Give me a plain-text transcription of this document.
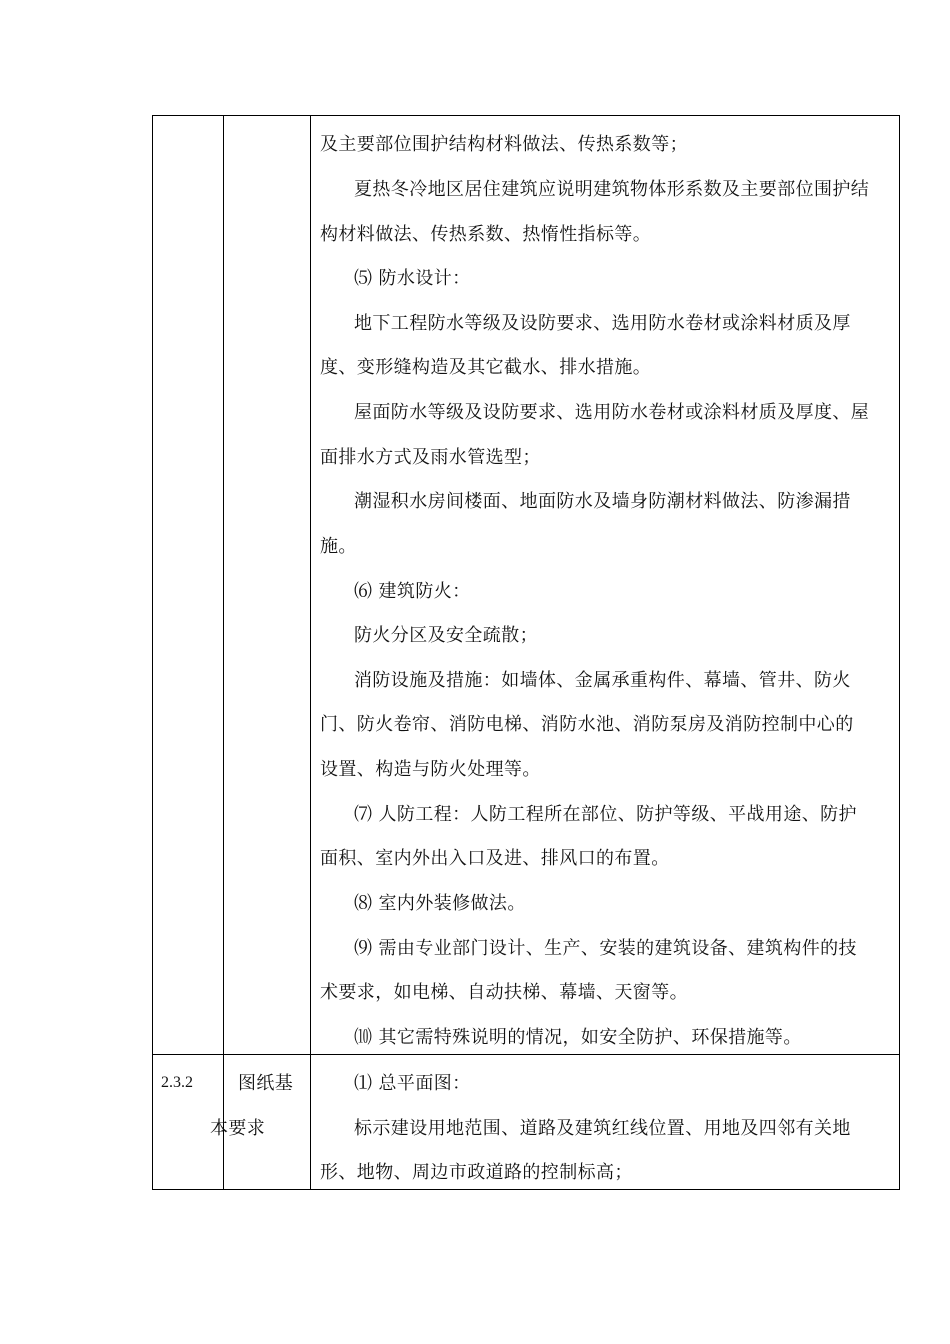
及主要部位围护结构材料做法、传热系数等；
夏热冬冷地区居住建筑应说明建筑物体形系数及主要部位围护结
构材料做法、传热系数、热惰性指标等。
⑸ 防水设计：
地下工程防水等级及设防要求、选用防水卷材或涂料材质及厚
度、变形缝构造及其它截水、排水措施。
屋面防水等级及设防要求、选用防水卷材或涂料材质及厚度、屋
面排水方式及雨水管选型；
潮湿积水房间楼面、地面防水及墙身防潮材料做法、防渗漏措
施。
⑹ 建筑防火：
防火分区及安全疏散；
消防设施及措施：如墙体、金属承重构件、幕墙、管井、防火
门、防火卷帘、消防电梯、消防水池、消防泵房及消防控制中心的
设置、构造与防火处理等。
⑺ 人防工程：人防工程所在部位、防护等级、平战用途、防护
面积、室内外出入口及进、排风口的布置。
⑻ 室内外装修做法。
⑼ 需由专业部门设计、生产、安装的建筑设备、建筑构件的技
术要求，如电梯、自动扶梯、幕墙、天窗等。
⑽ 其它需特殊说明的情况，如安全防护、环保措施等。
2.3.2	图纸基
本要求
⑴ 总平面图：
标示建设用地范围、道路及建筑红线位置、用地及四邻有关地
形、地物、周边市政道路的控制标高；
